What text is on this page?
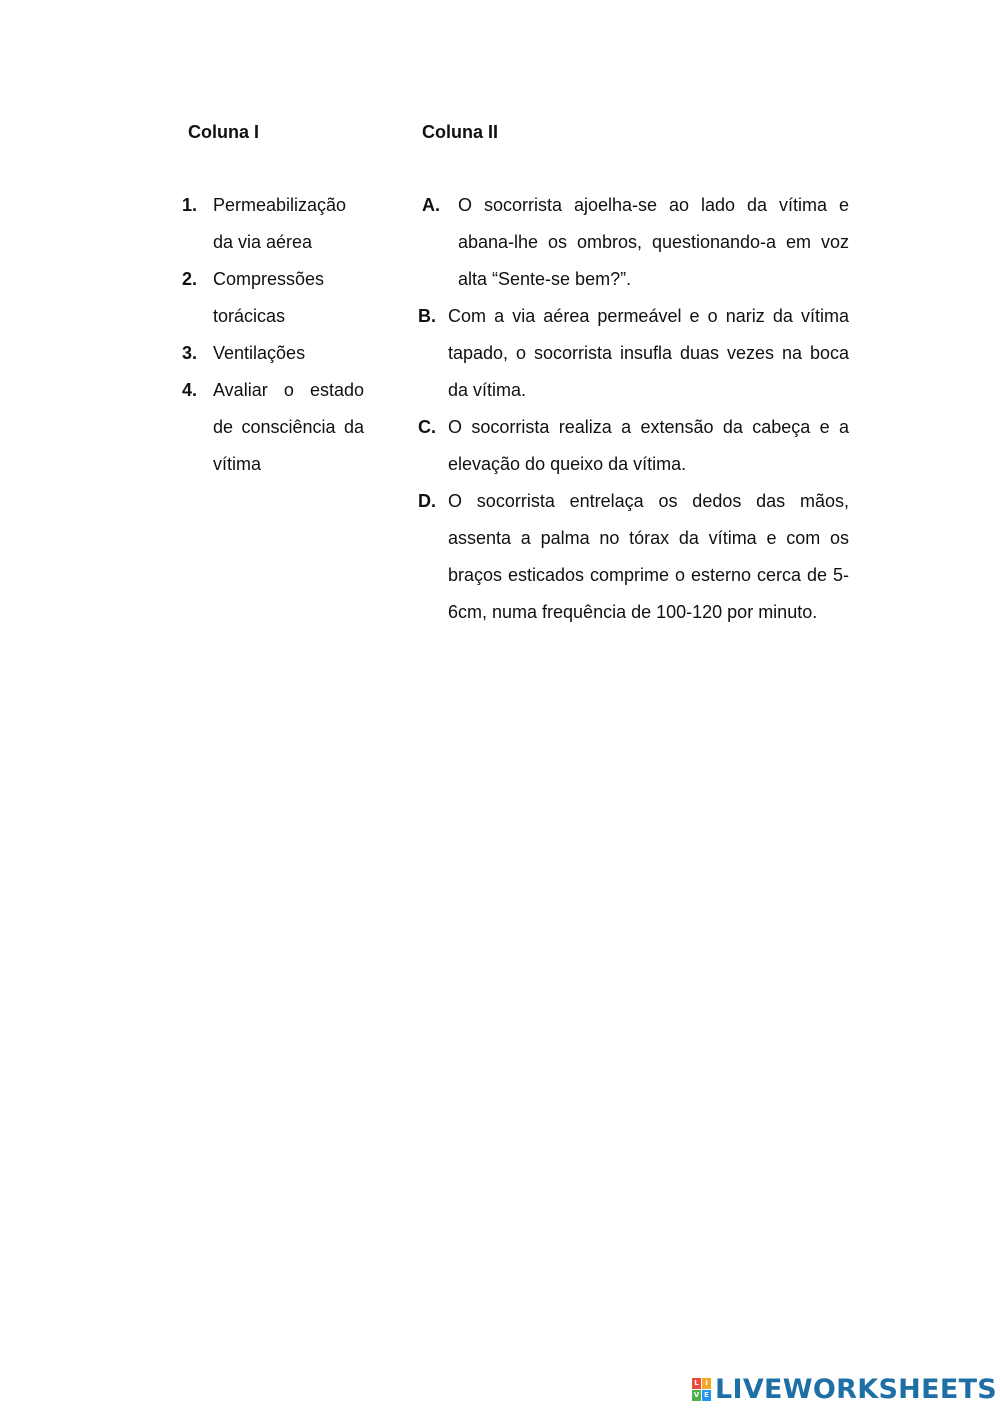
Coluna I	Coluna II
1. Permeabilização da via aérea
2. Compressões torácicas
3. Ventilações
4. Avaliar o estado de consciência da vítima
A. O socorrista ajoelha-se ao lado da vítima e abana-lhe os ombros, questionando-a em voz alta “Sente-se bem?”.
B. Com a via aérea permeável e o nariz da vítima tapado, o socorrista insufla duas vezes na boca da vítima.
C. O socorrista realiza a extensão da cabeça e a elevação do queixo da vítima.
D. O socorrista entrelaça os dedos das mãos, assenta a palma no tórax da vítima e com os braços esticados comprime o esterno cerca de 5-6cm, numa frequência de 100-120 por minuto.
L I
V E LIVEWORKSHEETS
